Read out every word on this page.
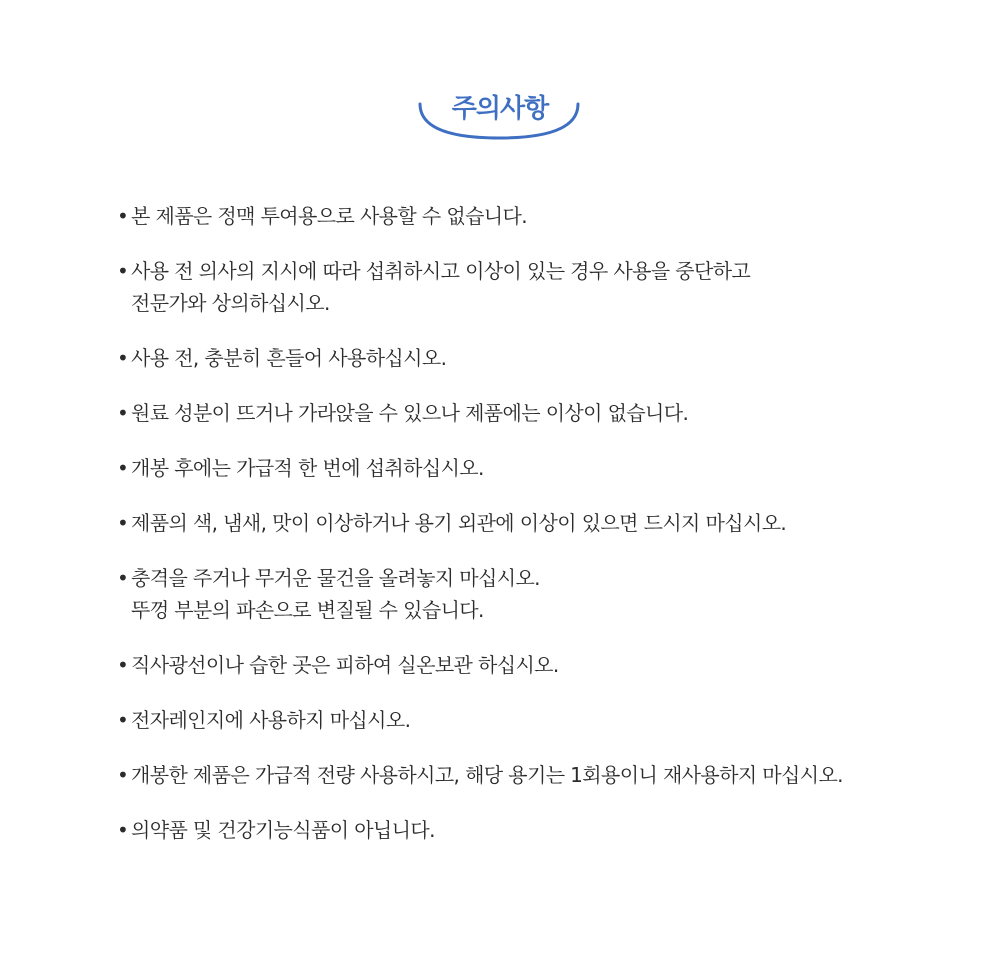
주의사항
• 본 제품은 정맥 투여용으로 사용할 수 없습니다.
• 사용 전 의사의 지시에 따라 섭취하시고 이상이 있는 경우 사용을 중단하고
전문가와 상의하십시오.
• 사용 전, 충분히 흔들어 사용하십시오.
• 원료 성분이 뜨거나 가라앉을 수 있으나 제품에는 이상이 없습니다.
• 개봉 후에는 가급적 한 번에 섭취하십시오.
• 제품의 색, 냄새, 맛이 이상하거나 용기 외관에 이상이 있으면 드시지 마십시오.
• 충격을 주거나 무거운 물건을 올려놓지 마십시오.
뚜껑 부분의 파손으로 변질될 수 있습니다.
• 직사광선이나 습한 곳은 피하여 실온보관 하십시오.
• 전자레인지에 사용하지 마십시오.
• 개봉한 제품은 가급적 전량 사용하시고, 해당 용기는 1회용이니 재사용하지 마십시오.
• 의약품 및 건강기능식품이 아닙니다.
